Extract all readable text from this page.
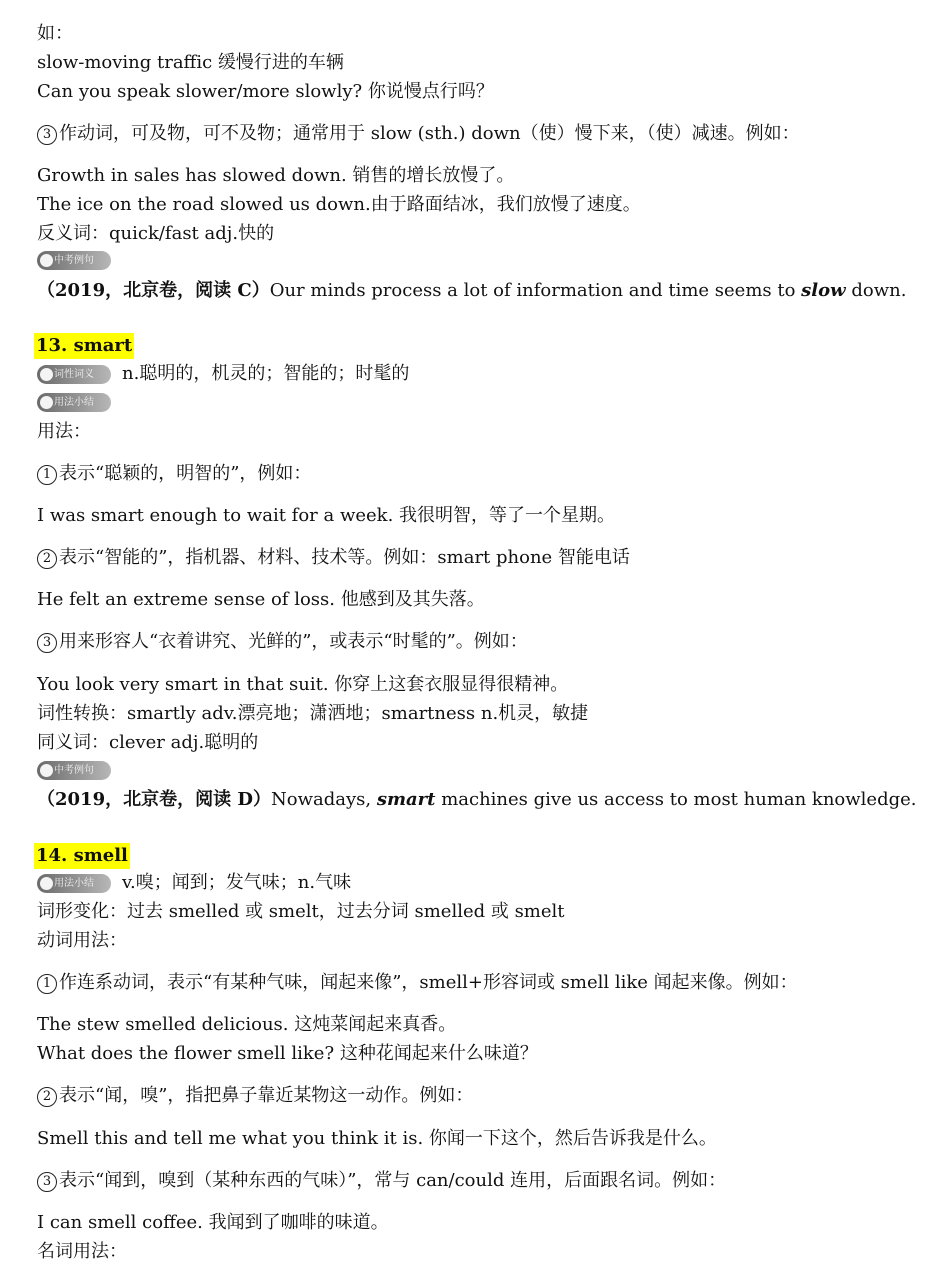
如：
slow-moving traffic 缓慢行进的车辆
Can you speak slower/more slowly? 你说慢点行吗？
3 作动词，可及物，可不及物；通常用于 slow (sth.) down（使）慢下来，（使）减速。例如：
Growth in sales has slowed down. 销售的增长放慢了。
The ice on the road slowed us down.由于路面结冰，我们放慢了速度。
反义词：quick/fast adj.快的
中考例句
（2019，北京卷，阅读 C）Our minds process a lot of information and time seems to slow down.
13. smart
词性词义	n.聪明的，机灵的；智能的；时髦的
用法小结
用法：
1 表示“聪颖的，明智的”，例如：
I was smart enough to wait for a week. 我很明智，等了一个星期。
2 表示“智能的”，指机器、材料、技术等。例如：smart phone 智能电话
He felt an extreme sense of loss. 他感到及其失落。
3 用来形容人“衣着讲究、光鲜的”，或表示“时髦的”。例如：
You look very smart in that suit. 你穿上这套衣服显得很精神。
词性转换：smartly adv.漂亮地；潇洒地；smartness n.机灵，敏捷
同义词：clever adj.聪明的
中考例句
（2019，北京卷，阅读 D）Nowadays, smart machines give us access to most human knowledge.
14. smell
用法小结	v.嗅；闻到；发气味；n.气味
词形变化：过去 smelled 或 smelt，过去分词 smelled 或 smelt
动词用法：
1 作连系动词，表示“有某种气味，闻起来像”，smell+形容词或 smell like 闻起来像。例如：
The stew smelled delicious. 这炖菜闻起来真香。
What does the flower smell like? 这种花闻起来什么味道？
2 表示“闻，嗅”，指把鼻子靠近某物这一动作。例如：
Smell this and tell me what you think it is. 你闻一下这个，然后告诉我是什么。
3 表示“闻到，嗅到（某种东西的气味）”，常与 can/could 连用，后面跟名词。例如：
I can smell coffee. 我闻到了咖啡的味道。
名词用法：
